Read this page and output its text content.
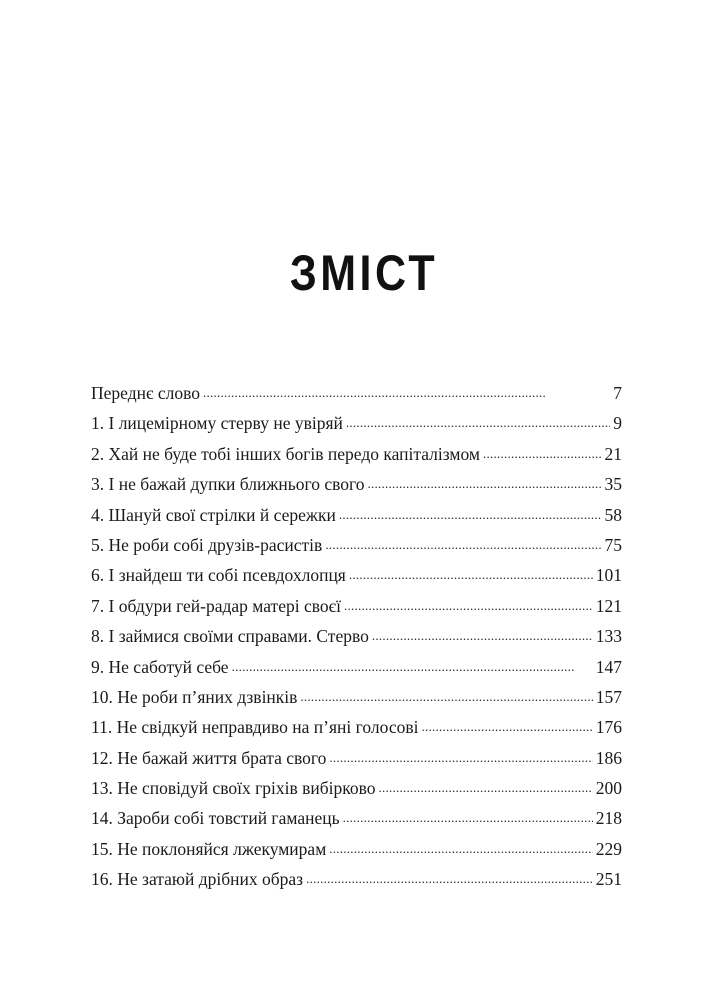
ЗМІСТ
Переднє слово . . .	7
1. І лицемірному стерву не увіряй . . .	9
2. Хай не буде тобі інших богів передо капіталізмом . . .	21
3. І не бажай дупки ближнього свого . . .	35
4. Шануй свої стрілки й сережки . . .	58
5. Не роби собі друзів-расистів . . .	75
6. І знайдеш ти собі псевдохлопця . . .	101
7. І обдури гей-радар матері своєї . . .	121
8. І займися своїми справами. Стерво . . .	133
9. Не саботуй себе . . .	147
10. Не роби п’яних дзвінків . . .	157
11. Не свідкуй неправдиво на п’яні голосові . . .	176
12. Не бажай життя брата свого . . .	186
13. Не сповідуй своїх гріхів вибірково . . .	200
14. Зароби собі товстий гаманець . . .	218
15. Не поклоняйся лжекумирам . . .	229
16. Не затаюй дрібних образ . . .	251
